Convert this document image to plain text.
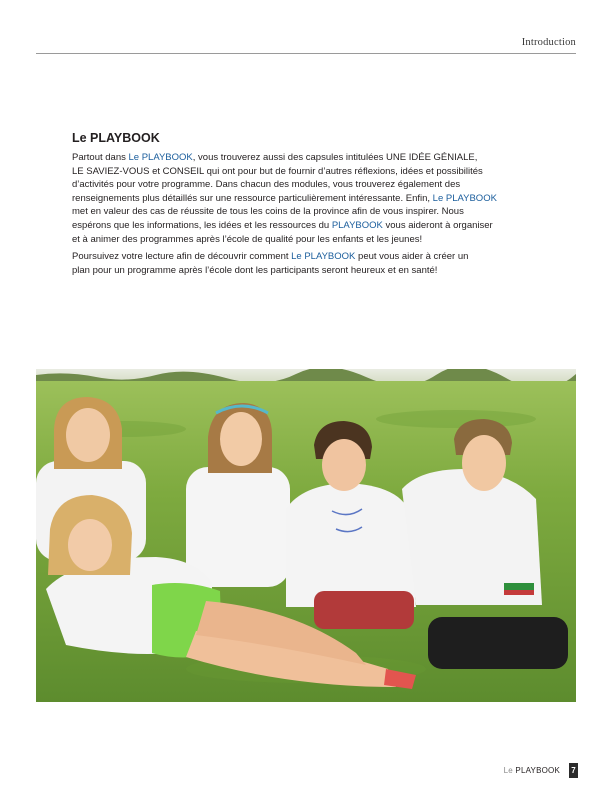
Introduction
Le PLAYBOOK

Partout dans Le PLAYBOOK, vous trouverez aussi des capsules intitulées UNE IDÉE GÉNIALE,
LE SAVIEZ-VOUS et CONSEIL qui ont pour but de fournir d’autres réflexions, idées et possibilités
d’activités pour votre programme. Dans chacun des modules, vous trouverez également des
renseignements plus détaillés sur une ressource particulièrement intéressante. Enfin, Le PLAYBOOK
met en valeur des cas de réussite de tous les coins de la province afin de vous inspirer. Nous
espérons que les informations, les idées et les ressources du PLAYBOOK vous aideront à organiser
et à animer des programmes après l’école de qualité pour les enfants et les jeunes!

Poursuivez votre lecture afin de découvrir comment Le PLAYBOOK peut vous aider à créer un
plan pour un programme après l’école dont les participants seront heureux et en santé!

Le PLAYBOOK 7
